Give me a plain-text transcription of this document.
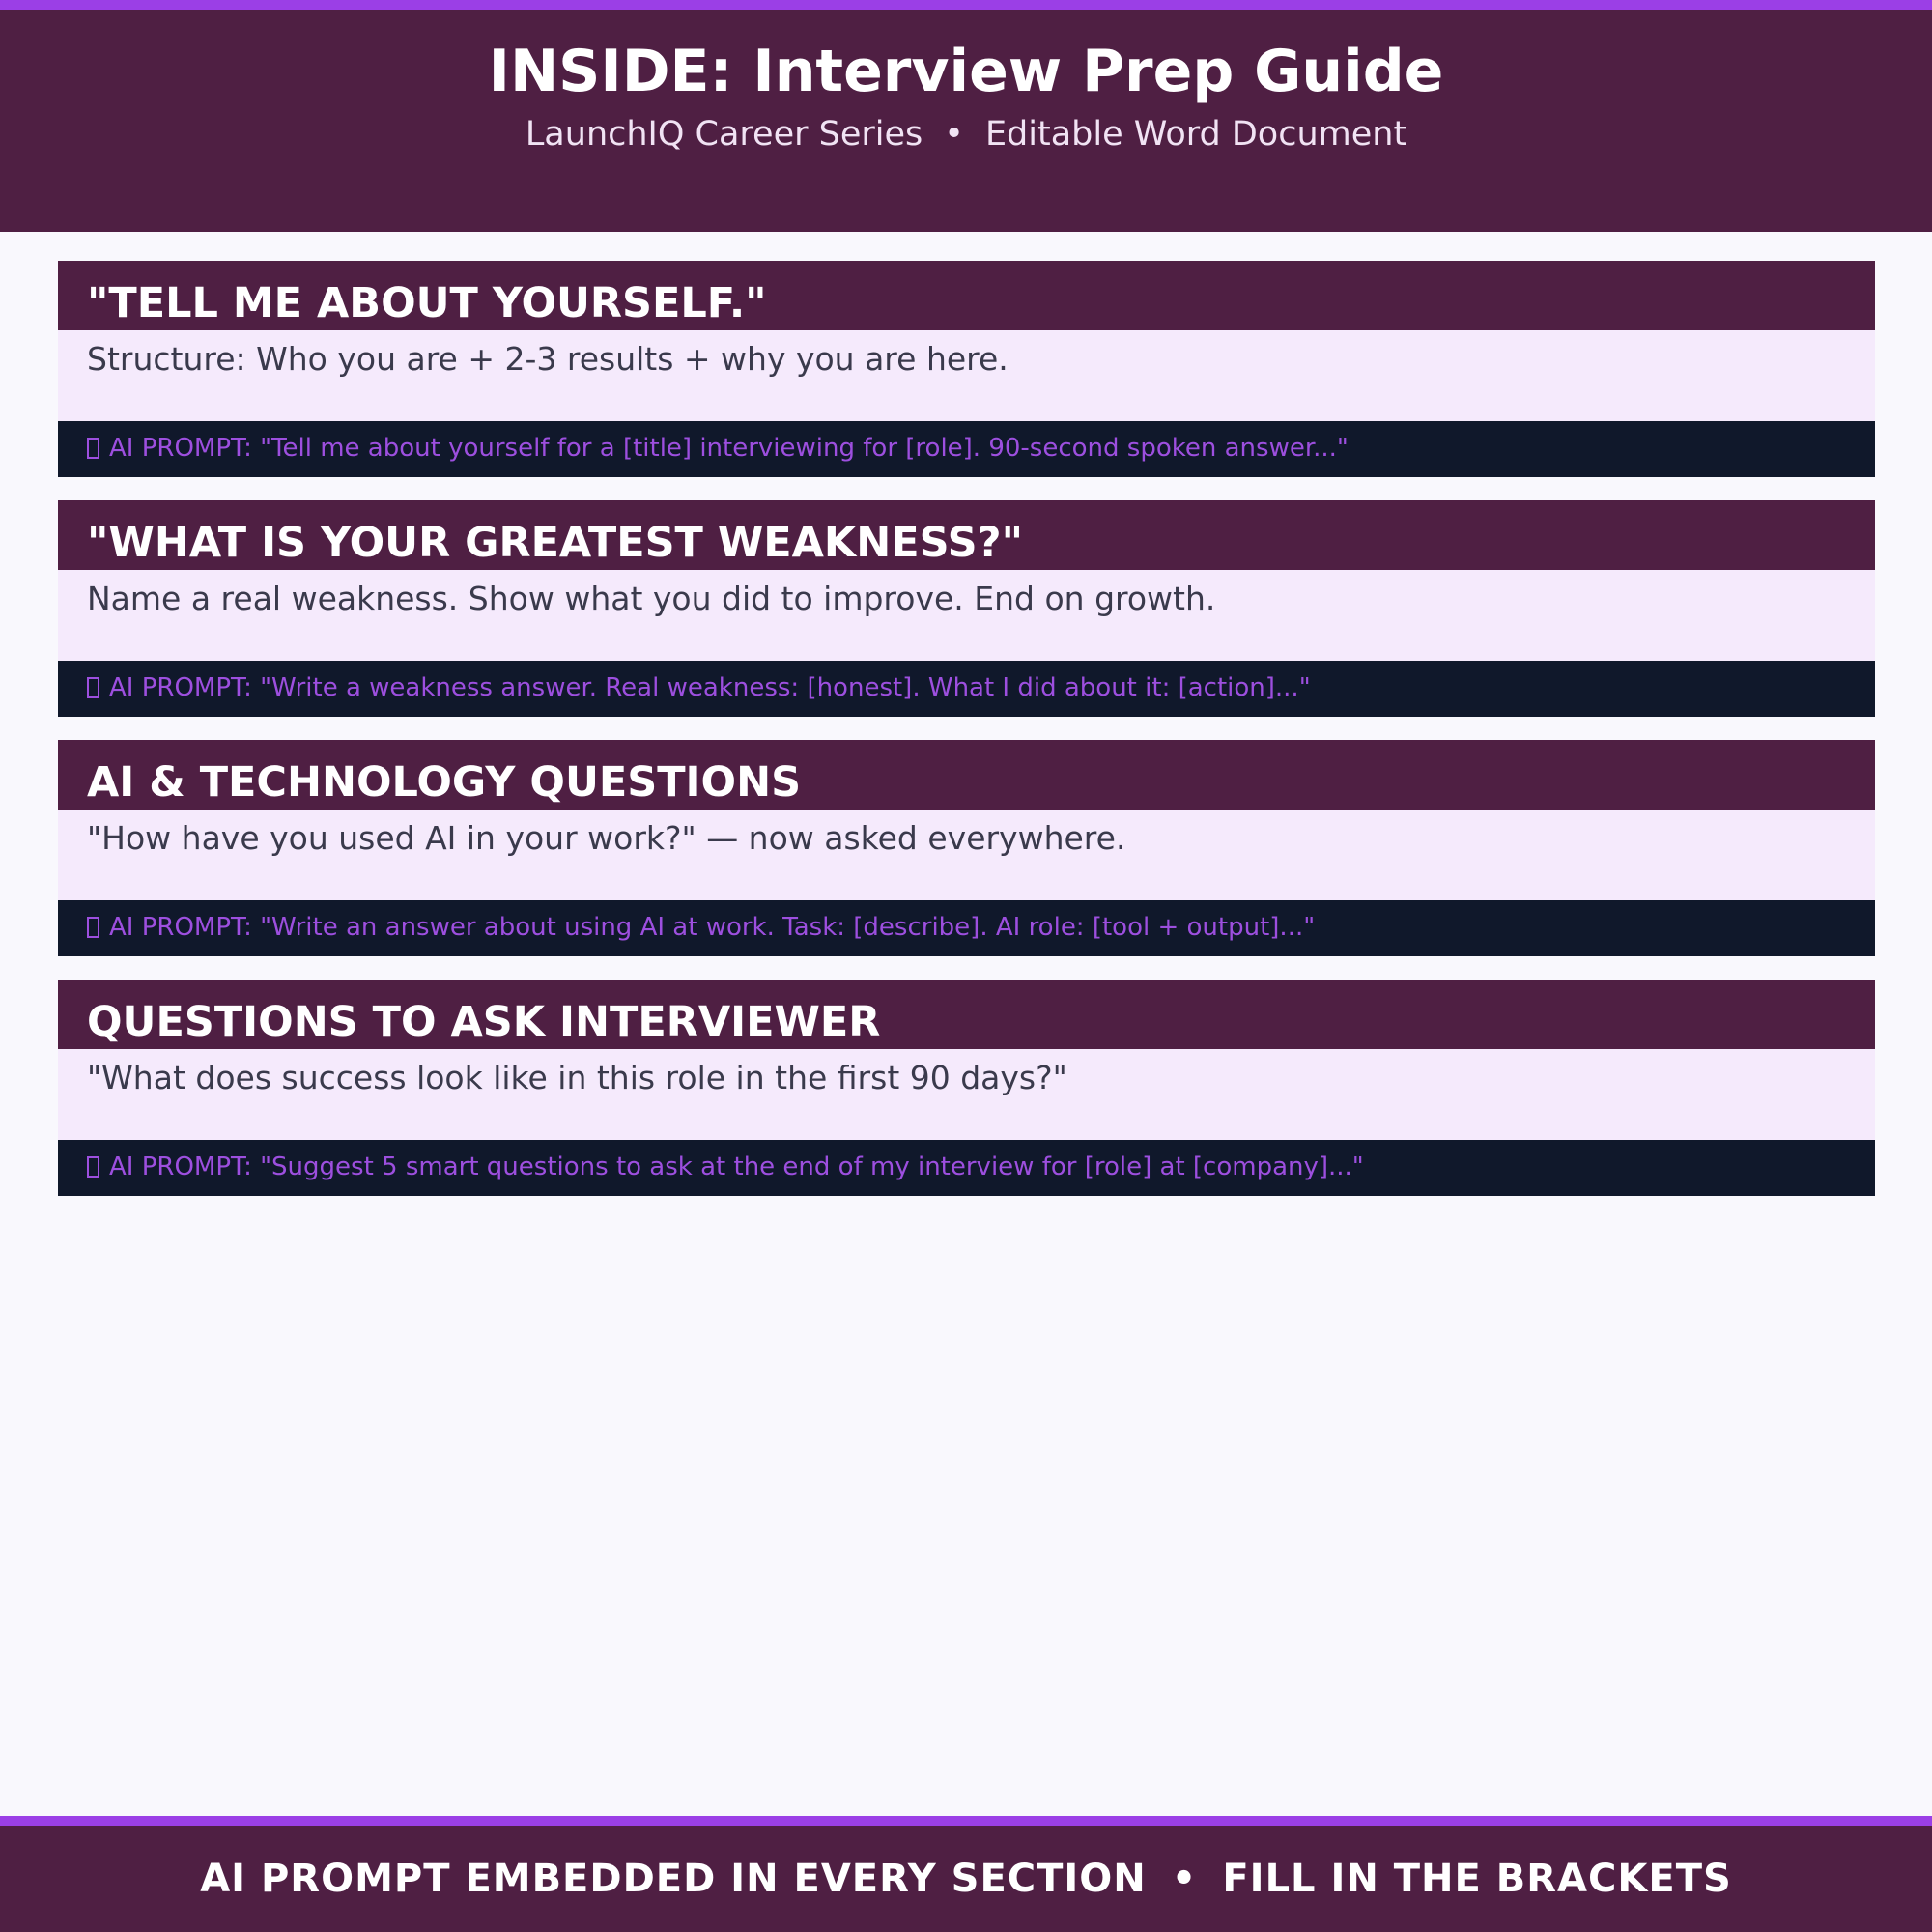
INSIDE: Interview Prep Guide
LaunchIQ Career Series • Editable Word Document
"TELL ME ABOUT YOURSELF."
Structure: Who you are + 2-3 results + why you are here.
AI PROMPT: "Tell me about yourself for a [title] interviewing for [role]. 90-second spoken answer..."
"WHAT IS YOUR GREATEST WEAKNESS?"
Name a real weakness. Show what you did to improve. End on growth.
AI PROMPT: "Write a weakness answer. Real weakness: [honest]. What I did about it: [action]..."
AI & TECHNOLOGY QUESTIONS
"How have you used AI in your work?" — now asked everywhere.
AI PROMPT: "Write an answer about using AI at work. Task: [describe]. AI role: [tool + output]..."
QUESTIONS TO ASK INTERVIEWER
"What does success look like in this role in the first 90 days?"
AI PROMPT: "Suggest 5 smart questions to ask at the end of my interview for [role] at [company]..."
AI PROMPT EMBEDDED IN EVERY SECTION • FILL IN THE BRACKETS
